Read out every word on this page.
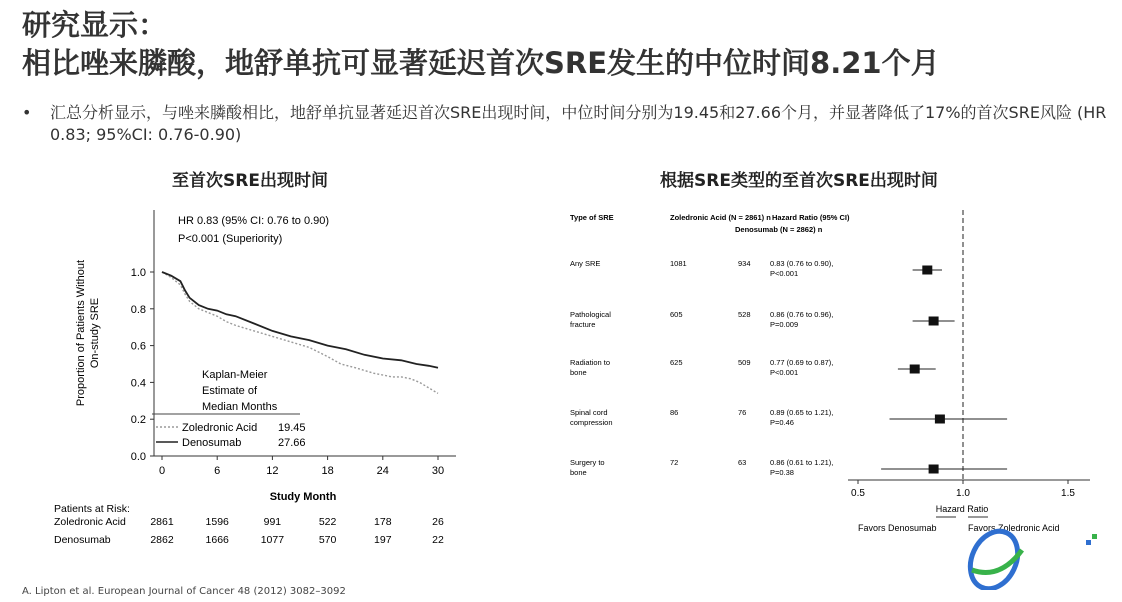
研究显示：
相比唑来膦酸，地舒单抗可显著延迟首次SRE发生的中位时间8.21个月
•	汇总分析显示，与唑来膦酸相比，地舒单抗显著延迟首次SRE出现时间，中位时间分别为19.45和27.66个月，并显著降低了17%的首次SRE风险 (HR 0.83; 95%CI: 0.76-0.90)
至首次SRE出现时间	根据SRE类型的至首次SRE出现时间
0.0
0.2
0.4
0.6
0.8
1.0
0	6	12	18	24	30
HR 0.83 (95% CI: 0.76 to 0.90)
P<0.001 (Superiority)
Proportion of Patients Without On-study SRE
Study Month
Kaplan-Meier
Estimate of
Median Months
Zoledronic Acid 19.45
Denosumab	27.66
Patients at Risk:
Zoledronic Acid
Denosumab
2861	1596	991	522	178	26
2862	1666	1077	570	197	22
Type of SRE	Zoledronic Acid (N = 2861) n
Denosumab (N = 2862) n
Hazard Ratio (95% CI)
Any SRE	1081	934	0.83 (0.76 to 0.90),
P<0.001
Pathological
fracture
605	528	0.86 (0.76 to 0.96),
P=0.009
Radiation to
bone
625	509	0.77 (0.69 to 0.87),
P<0.001
Spinal cord
compression
86	76	0.89 (0.65 to 1.21),
P=0.46
Surgery to
bone
72	63	0.86 (0.61 to 1.21),
P=0.38
0.5	1.0	1.5
Hazard Ratio
Favors Denosumab	Favors Zoledronic Acid
A. Lipton et al. European Journal of Cancer 48 (2012) 3082–3092
